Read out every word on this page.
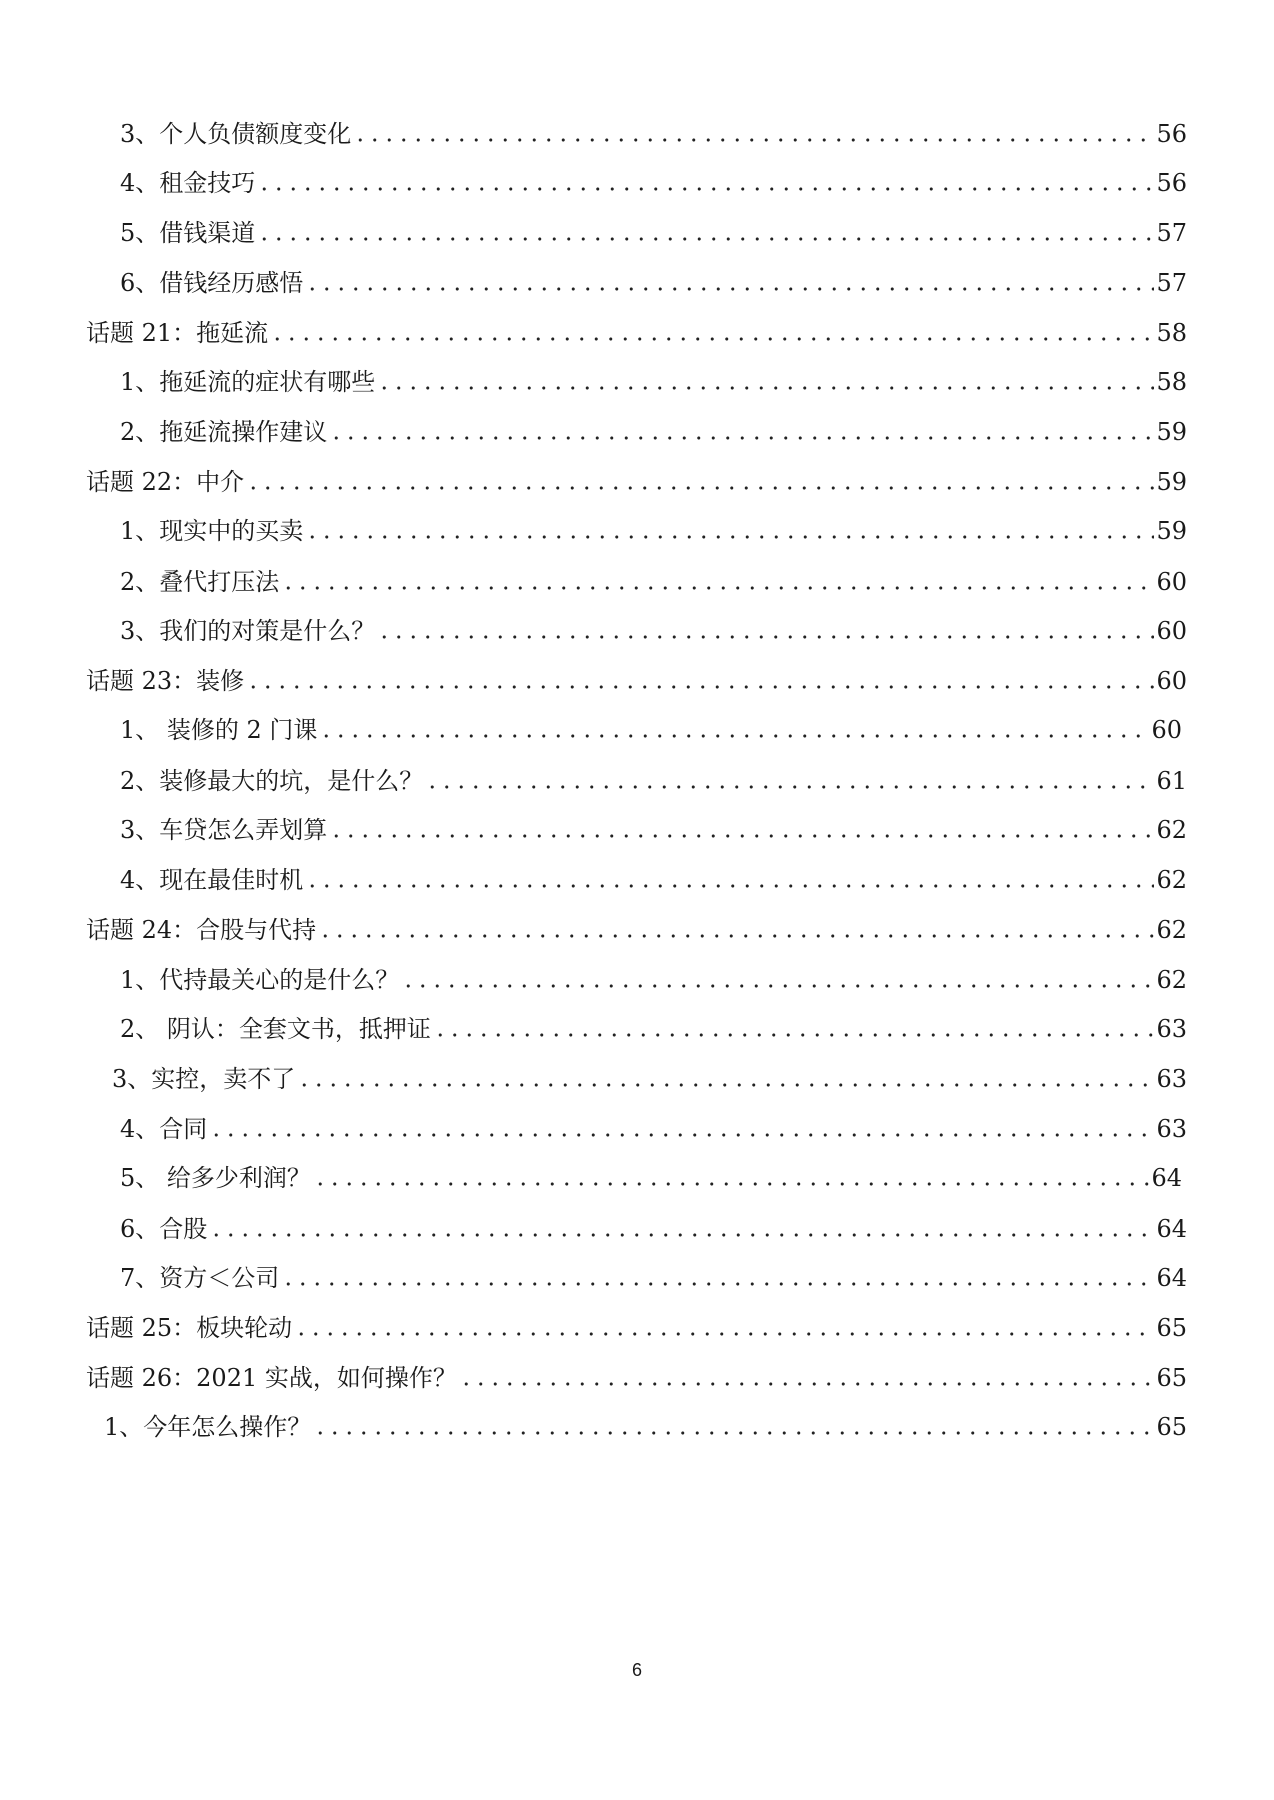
3、个人负债额度变化	56
4、租金技巧	56
5、借钱渠道	57
6、借钱经历感悟	57
话题 21：拖延流	58
1、拖延流的症状有哪些	58
2、拖延流操作建议	59
话题 22：中介	59
1、现实中的买卖	59
2、叠代打压法	60
3、我们的对策是什么？	60
话题 23：装修	60
1、 装修的 2 门课	60
2、装修最大的坑，是什么？	61
3、车贷怎么弄划算	62
4、现在最佳时机	62
话题 24：合股与代持	62
1、代持最关心的是什么？	62
2、 阴认：全套文书，抵押证	63
3、实控，卖不了	63
4、合同	63
5、 给多少利润？	64
6、合股	64
7、资方＜公司	64
话题 25：板块轮动	65
话题 26：2021 实战，如何操作？	65
1、今年怎么操作？	65
6
